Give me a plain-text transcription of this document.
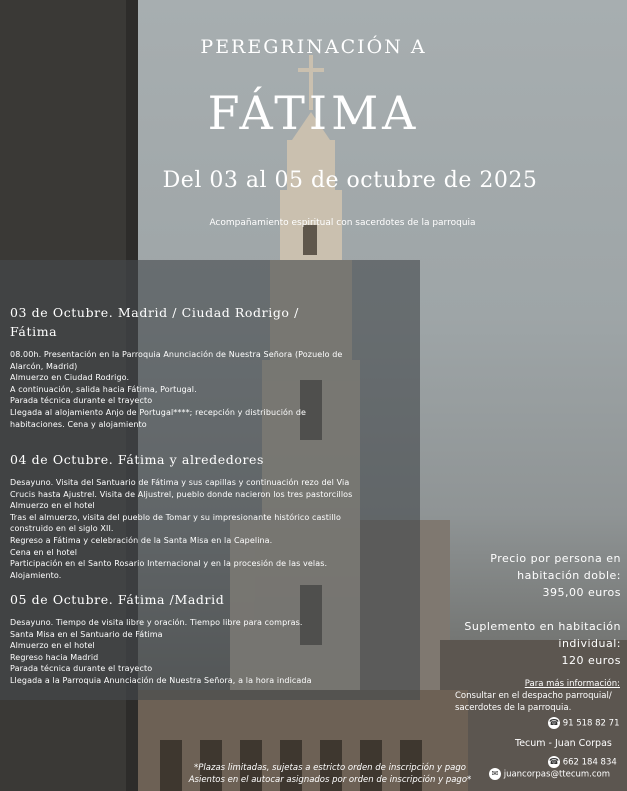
PEREGRINACIÓN A
FÁTIMA
Del 03 al 05 de octubre de 2025
Acompañamiento espiritual con sacerdotes de la parroquia
03 de Octubre. Madrid / Ciudad Rodrigo /
Fátima
08.00h. Presentación en la Parroquia Anunciación de Nuestra Señora (Pozuelo de
Alarcón, Madrid)
Almuerzo en Ciudad Rodrigo.
A continuación, salida hacia Fátima, Portugal.
Parada técnica durante el trayecto
Llegada al alojamiento Anjo de Portugal****; recepción y distribución de
habitaciones. Cena y alojamiento
04 de Octubre. Fátima y alrededores
Desayuno. Visita del Santuario de Fátima y sus capillas y continuación rezo del Via
Crucis hasta Ajustrel. Visita de Aljustrel, pueblo donde nacieron los tres pastorcillos
Almuerzo en el hotel
Tras el almuerzo, visita del pueblo de Tomar y su impresionante histórico castillo
construido en el siglo XII.
Regreso a Fátima y celebración de la Santa Misa en la Capelina.
Cena en el hotel
Participación en el Santo Rosario Internacional y en la procesión de las velas.
Alojamiento.
05 de Octubre. Fátima /Madrid
Desayuno. Tiempo de visita libre y oración. Tiempo libre para compras.
Santa Misa en el Santuario de Fátima
Almuerzo en el hotel
Regreso hacia Madrid
Parada técnica durante el trayecto
Llegada a la Parroquia Anunciación de Nuestra Señora, a la hora indicada
Precio por persona en
habitación doble:
395,00 euros
Suplemento en habitación
individual:
120 euros
Para más información:
Consultar en el despacho parroquial/
sacerdotes de la parroquia.
☎ 91 518 82 71
Tecum - Juan Corpas
☎ 662 184 834
✉ juancorpas@ttecum.com
*Plazas limitadas, sujetas a estricto orden de inscripción y pago
Asientos en el autocar asignados por orden de inscripción y pago*
